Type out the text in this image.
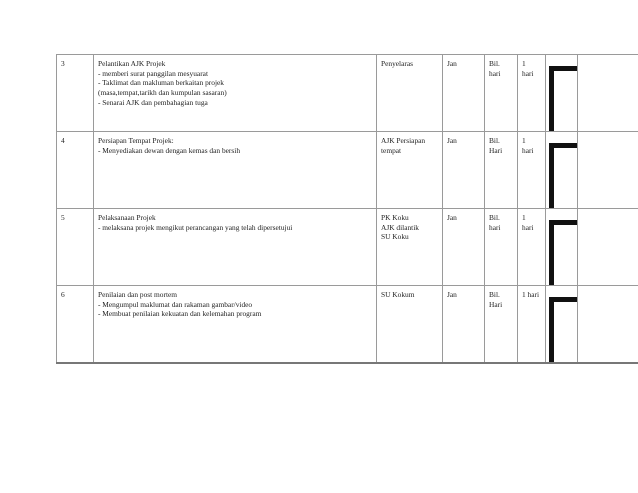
3	Pelantikan AJK Projek
- memberi surat panggilan mesyuarat
- Taklimat dan makluman berkaitan projek
(masa,tempat,tarikh dan kumpulan sasaran)
- Senarai AJK dan pembahagian tuga	Penyelaras	Jan	Bil.
hari	1
hari		

4	Persiapan Tempat Projek:
- Menyediakan dewan dengan kemas dan bersih	AJK Persiapan
tempat	Jan	Bil.
Hari	1
hari		

5	Pelaksanaan Projek
- melaksana projek mengikut perancangan yang telah dipersetujui	PK Koku
AJK dilantik
SU Koku	Jan	Bil.
hari	1
hari		

6	Penilaian dan post mortem
- Mengumpul maklumat dan rakaman gambar/video
- Membuat penilaian kekuatan dan kelemahan program	SU Kokum	Jan	Bil.
Hari	1 hari		
